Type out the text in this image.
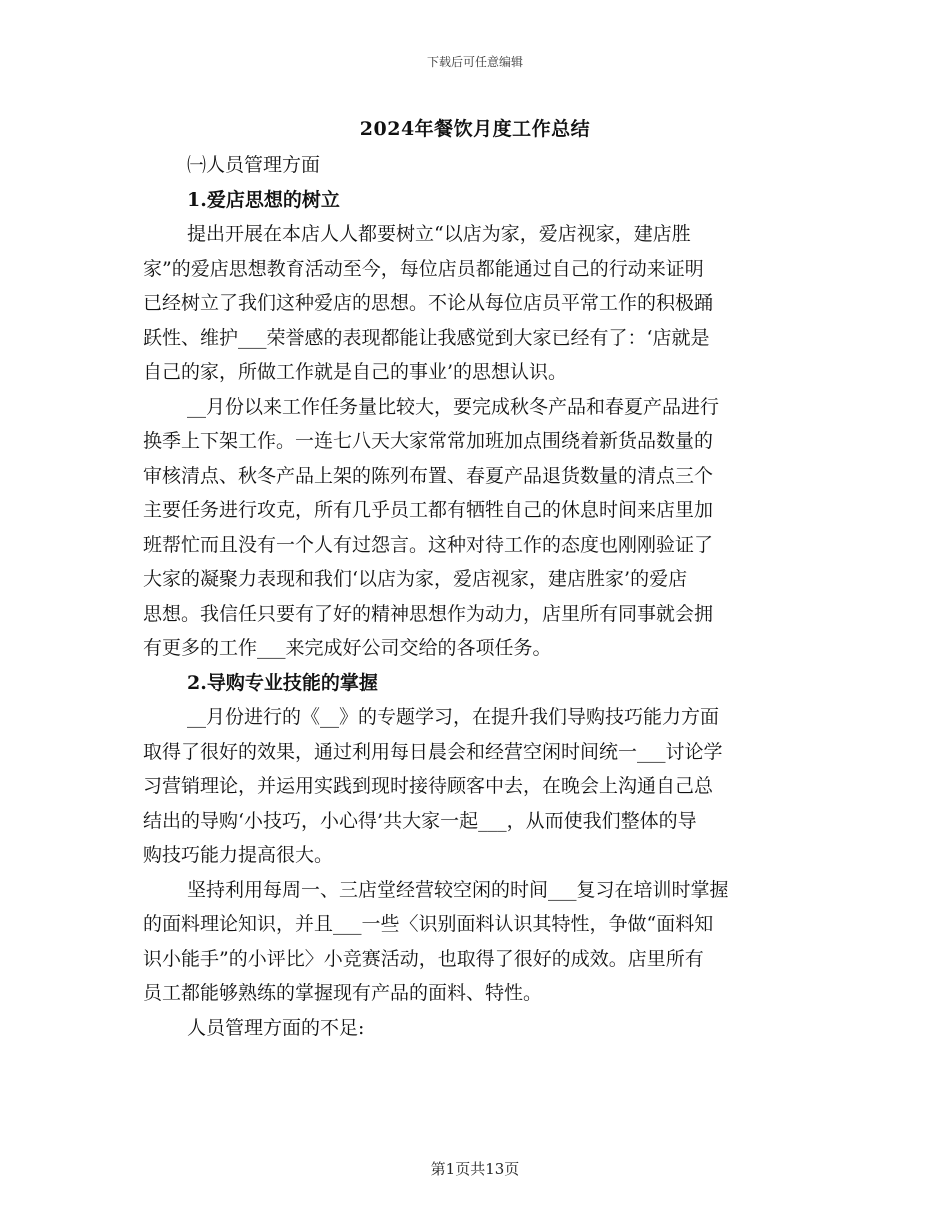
下载后可任意编辑
2024年餐饮月度工作总结
㈠人员管理方面
1.爱店思想的树立
提出开展在本店人人都要树立“以店为家，爱店视家，建店胜
家”的爱店思想教育活动至今，每位店员都能通过自己的行动来证明
已经树立了我们这种爱店的思想。不论从每位店员平常工作的积极踊
跃性、维护___荣誉感的表现都能让我感觉到大家已经有了：‘店就是
自己的家，所做工作就是自己的事业’的思想认识。
__月份以来工作任务量比较大，要完成秋冬产品和春夏产品进行
换季上下架工作。一连七八天大家常常加班加点围绕着新货品数量的
审核清点、秋冬产品上架的陈列布置、春夏产品退货数量的清点三个
主要任务进行攻克，所有几乎员工都有牺牲自己的休息时间来店里加
班帮忙而且没有一个人有过怨言。这种对待工作的态度也刚刚验证了
大家的凝聚力表现和我们‘以店为家，爱店视家，建店胜家’的爱店
思想。我信任只要有了好的精神思想作为动力，店里所有同事就会拥
有更多的工作___来完成好公司交给的各项任务。
2.导购专业技能的掌握
__月份进行的《__》的专题学习，在提升我们导购技巧能力方面
取得了很好的效果，通过利用每日晨会和经营空闲时间统一___讨论学
习营销理论，并运用实践到现时接待顾客中去，在晚会上沟通自己总
结出的导购‘小技巧，小心得’共大家一起___，从而使我们整体的导
购技巧能力提高很大。
坚持利用每周一、三店堂经营较空闲的时间___复习在培训时掌握
的面料理论知识，并且___一些〈识别面料认识其特性，争做“面料知
识小能手”的小评比〉小竞赛活动，也取得了很好的成效。店里所有
员工都能够熟练的掌握现有产品的面料、特性。
人员管理方面的不足:
第1页共13页
